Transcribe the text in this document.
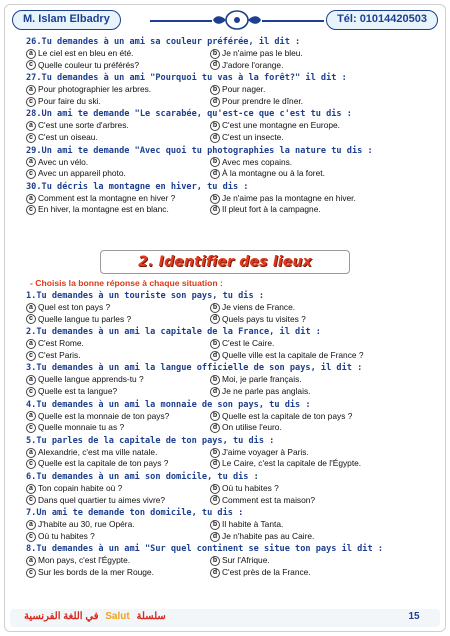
M. Islam Elbadry	Tél: 01014420503
26.Tu demandes à un ami sa couleur préférée, il dit :
a Le ciel est en bleu en été.	b Je n'aime pas le bleu.
c Quelle couleur tu préférés?	d J'adore l'orange.
27.Tu demandes à un ami "Pourquoi tu vas à la forêt?" il dit :
a Pour photographier les arbres.	b Pour nager.
c Pour faire du ski.	d Pour prendre le dîner.
28.Un ami te demande "Le scarabée, qu'est-ce que c'est tu dis :
a C'est une sorte d'arbres.	b C'est une montagne en Europe.
c C'est un oiseau.	d C'est un insecte.
29.Un ami te demande "Avec quoi tu photographies la nature tu dis :
a Avec un vélo.	b Avec mes copains.
c Avec un appareil photo.	d À la montagne ou à la foret.
30.Tu décris la montagne en hiver, tu dis :
a Comment est la montagne en hiver ?	b Je n'aime pas la montagne en hiver.
c En hiver, la montagne est en blanc.	d Il pleut fort à la campagne.
2. Identifier des lieux
- Choisis la bonne réponse à chaque situation :
1.Tu demandes à un touriste son pays, tu dis :
a Quel est ton pays ?	b Je viens de France.
c Quelle langue tu parles ?	d Quels pays tu visites ?
2.Tu demandes à un ami la capitale de la France, il dit :
a C'est Rome.	b C'est le Caire.
c C'est Paris.	d Quelle ville est la capitale de France ?
3.Tu demandes à un ami la langue officielle de son pays, il dit :
a Quelle langue apprends-tu ?	b Moi, je parle français.
c Quelle est ta langue?	d Je ne parle pas anglais.
4.Tu demandes à un ami la monnaie de son pays, tu dis :
a Quelle est la monnaie de ton pays?	b Quelle est la capitale de ton pays ?
c Quelle monnaie tu as ?	d On utilise l'euro.
5.Tu parles de la capitale de ton pays, tu dis :
a Alexandrie, c'est ma ville natale.	b J'aime voyager à Paris.
c Quelle est la capitale de ton pays ?	d Le Caire, c'est la capitale de l'Égypte.
6.Tu demandes à un ami son domicile, tu dis :
a Ton copain habite où ?	b Où tu habites ?
c Dans quel quartier tu aimes vivre?	d Comment est ta maison?
7.Un ami te demande ton domicile, tu dis :
a J'habite au 30, rue Opéra.	b Il habite à Tanta.
c Où tu habites ?	d Je n'habite pas au Caire.
8.Tu demandes à un ami "Sur quel continent se situe ton pays il dit :
a Mon pays, c'est l'Égypte.	b Sur l'Afrique.
c Sur les bords de la mer Rouge.	d C'est près de la France.
سلسلة Salut في اللغة الفرنسية	15
